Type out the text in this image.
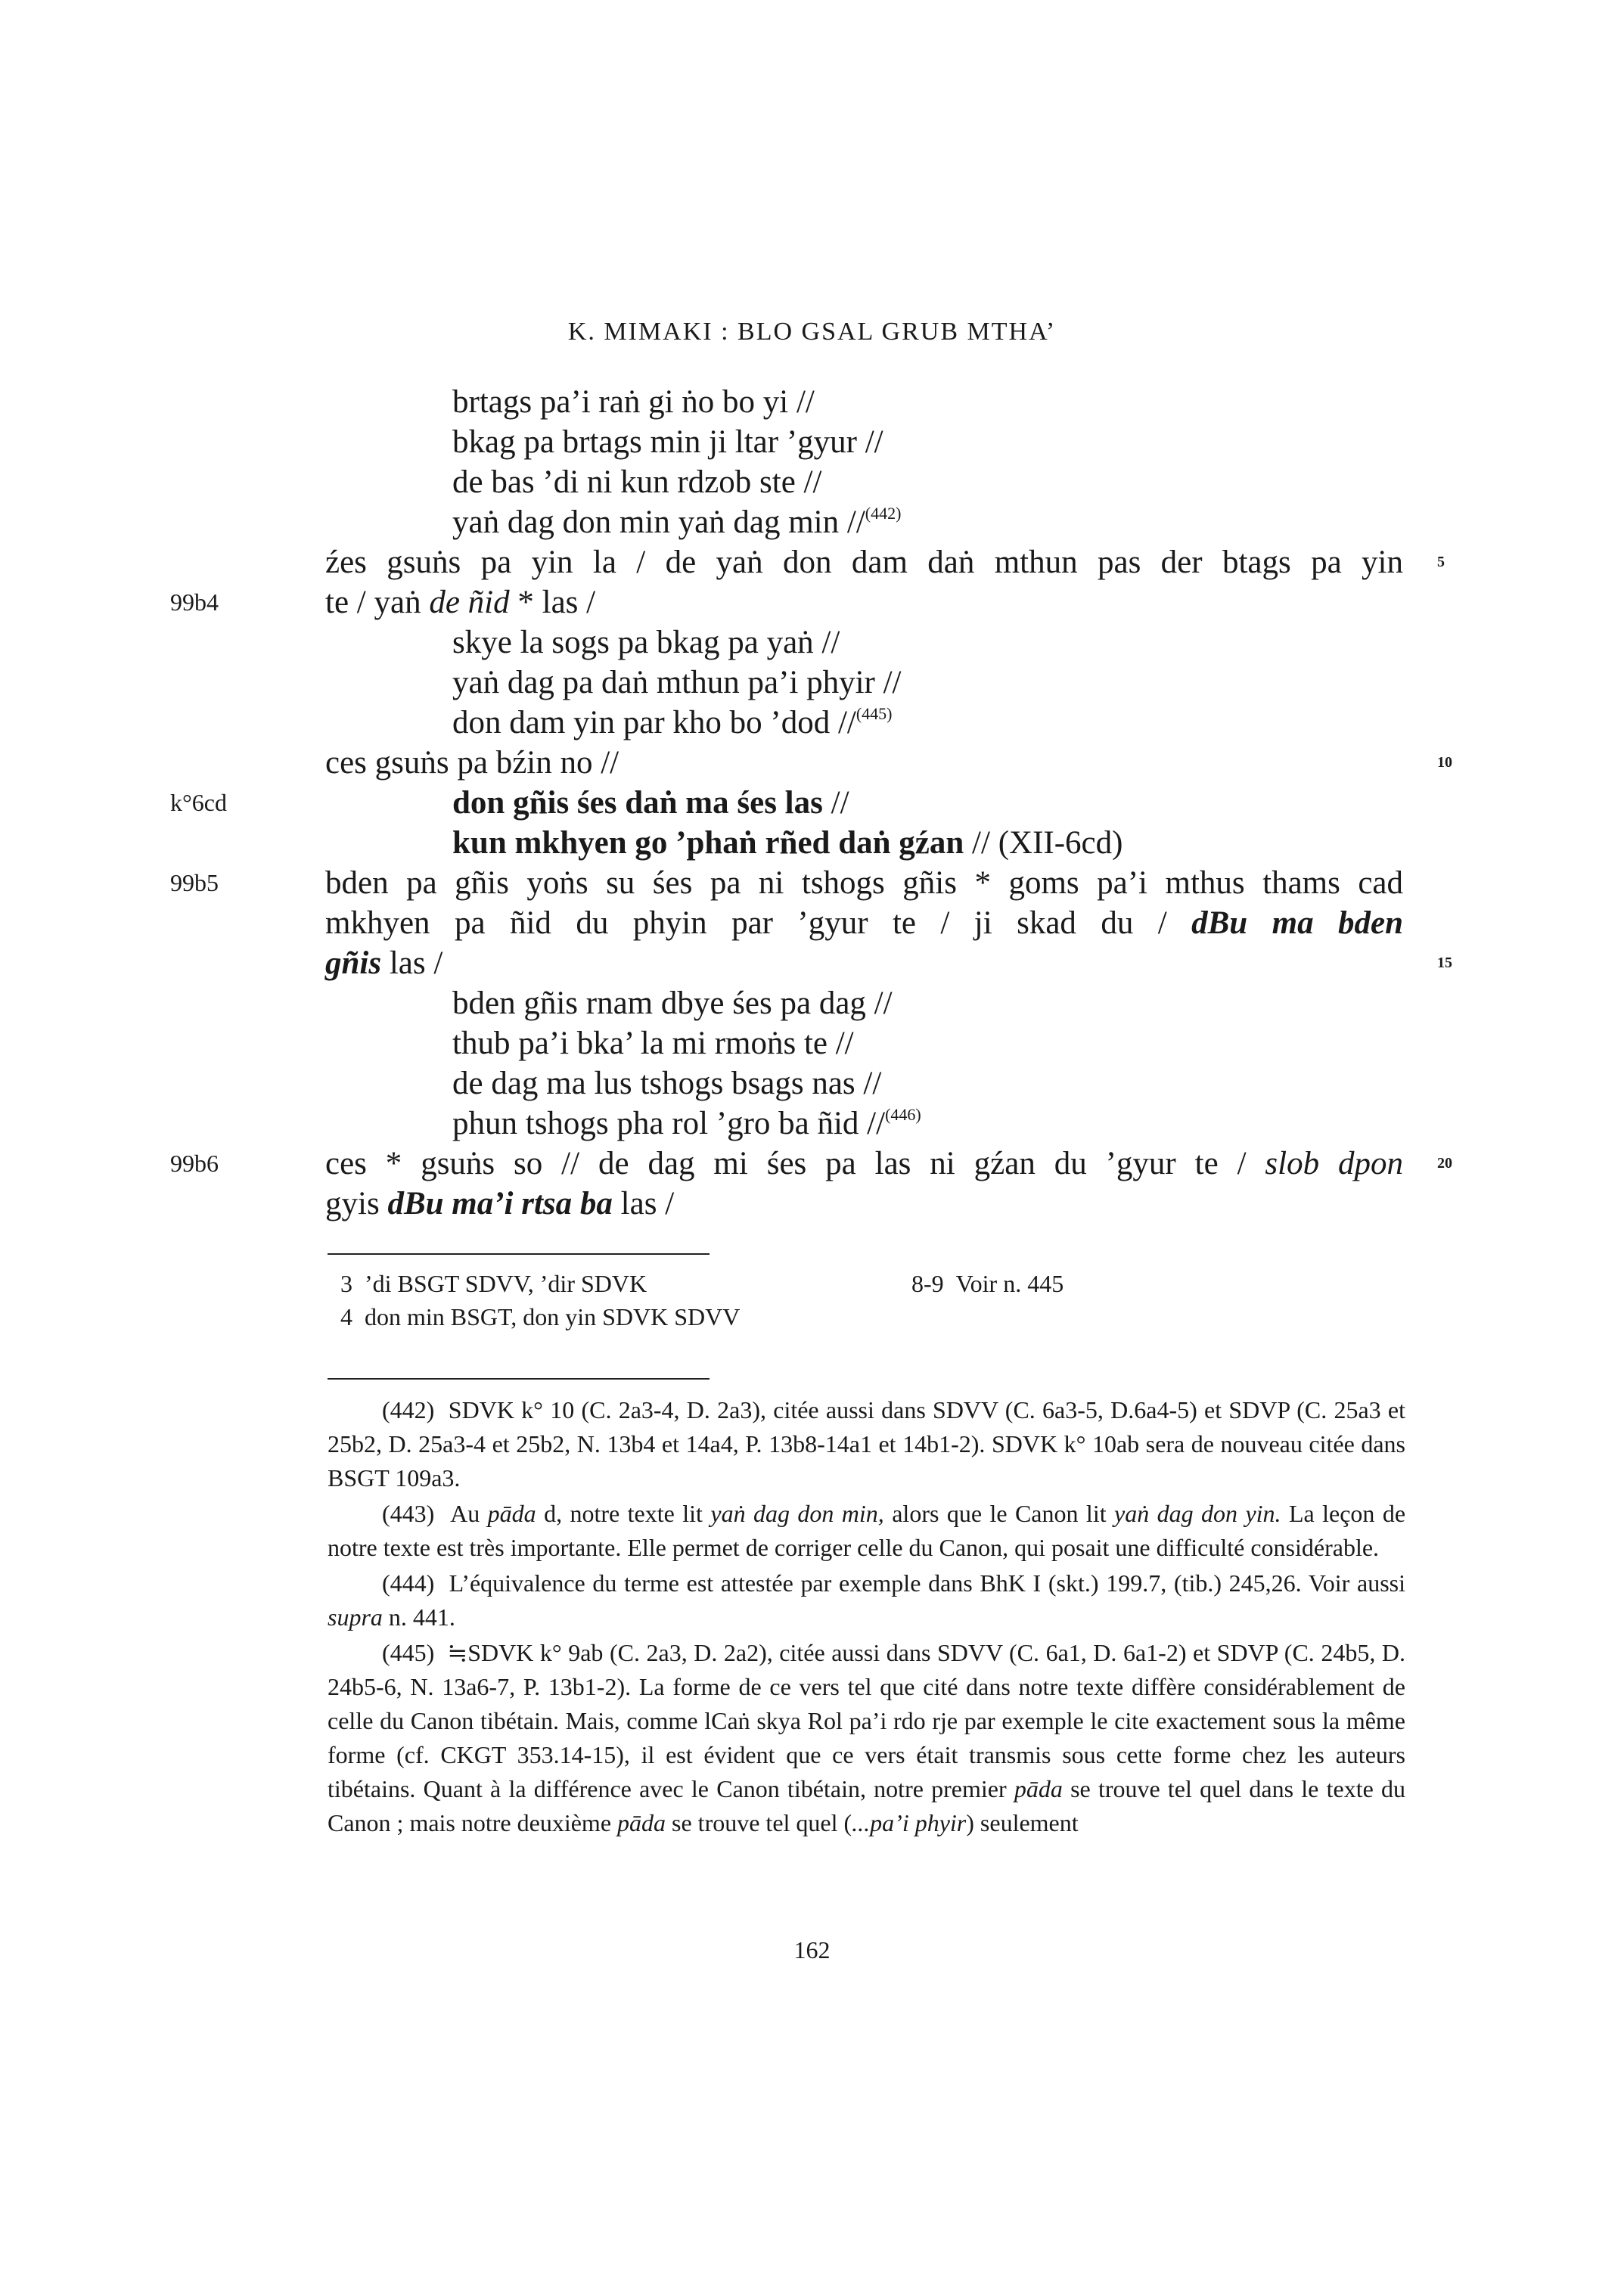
K. MIMAKI : BLO GSAL GRUB MTHA’
brtags pa’i raṅ gi ṅo bo yi //
bkag pa brtags min ji ltar ’gyur //
de bas ’di ni kun rdzob ste //
yaṅ dag don min yaṅ dag min //$^{(442)}$
źes gsuṅs pa yin la / de yaṅ don dam daṅ mthun pas der btags pa yin 5
99b4	te / yaṅ de ñid * las /
skye la sogs pa bkag pa yaṅ //
yaṅ dag pa daṅ mthun pa’i phyir //
don dam yin par kho bo ’dod //$^{(445)}$
ces gsuṅs pa bźin no //	10
k°6cd	don gñis śes daṅ ma śes las //
kun mkhyen go ’phaṅ rñed daṅ gźan // (XII-6cd)
99b5	bden pa gñis yoṅs su śes pa ni tshogs gñis * goms pa’i mthus thams cad
mkhyen pa ñid du phyin par ’gyur te / ji skad du / dBu ma bden
gñis las /	15
bden gñis rnam dbye śes pa dag //
thub pa’i bka’ la mi rmoṅs te //
de dag ma lus tshogs bsags nas //
phun tshogs pha rol ’gro ba ñid //$^{(446)}$
99b6	ces * gsuṅs so // de dag mi śes pa las ni gźan du ’gyur te / slob dpon 20
gyis dBu ma’i rtsa ba las /
3  ’di BSGT SDVV, ’dir SDVK
4  don min BSGT, don yin SDVK SDVV
8-9  Voir n. 445

(442)  SDVK k° 10 (C. 2a3-4, D. 2a3), citée aussi dans SDVV (C. 6a3-5, D.6a4-5) et SDVP (C. 25a3 et 25b2, D. 25a3-4 et 25b2, N. 13b4 et 14a4, P. 13b8-14a1 et 14b1-2). SDVK k° 10ab sera de nouveau citée dans BSGT 109a3.

(443)  Au pāda d, notre texte lit yaṅ dag don min, alors que le Canon lit yaṅ dag don yin. La leçon de notre texte est très importante. Elle permet de corriger celle du Canon, qui posait une difficulté considérable.

(444)  L’équivalence du terme est attestée par exemple dans BhK I (skt.) 199.7, (tib.) 245,26. Voir aussi supra n. 441.

(445)  ≒SDVK k° 9ab (C. 2a3, D. 2a2), citée aussi dans SDVV (C. 6a1, D. 6a1-2) et SDVP (C. 24b5, D. 24b5-6, N. 13a6-7, P. 13b1-2). La forme de ce vers tel que cité dans notre texte diffère considérablement de celle du Canon tibétain. Mais, comme lCaṅ skya Rol pa’i rdo rje par exemple le cite exactement sous la même forme (cf. CKGT 353.14-15), il est évident que ce vers était transmis sous cette forme chez les auteurs tibétains. Quant à la différence avec le Canon tibétain, notre premier pāda se trouve tel quel dans le texte du Canon ; mais notre deuxième pāda se trouve tel quel (...pa’i phyir) seulement

162
